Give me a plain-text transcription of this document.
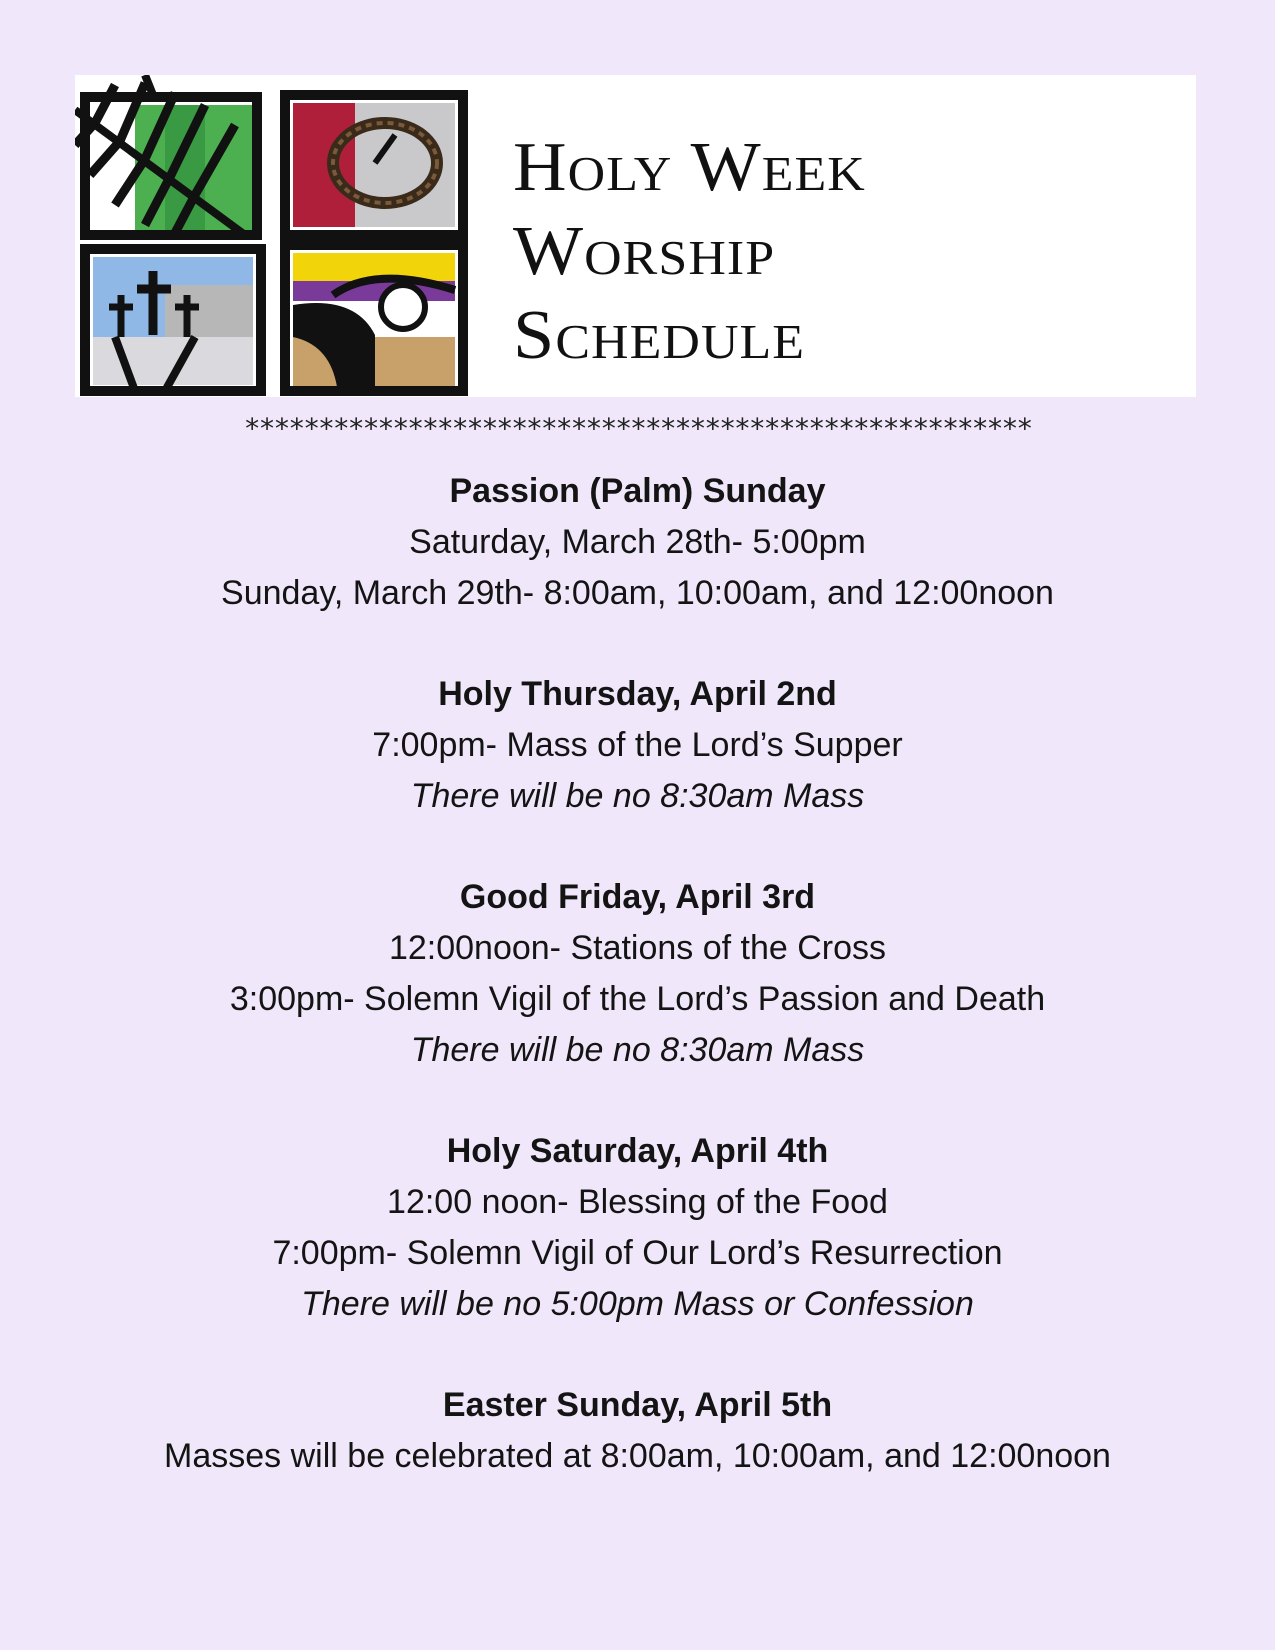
Holy Week
Worship
Schedule
*****************************************************
Passion (Palm) Sunday
Saturday, March 28th- 5:00pm
Sunday, March 29th- 8:00am, 10:00am, and 12:00noon
Holy Thursday, April 2nd
7:00pm- Mass of the Lord’s Supper
There will be no 8:30am Mass
Good Friday, April 3rd
12:00noon- Stations of the Cross
3:00pm- Solemn Vigil of the Lord’s Passion and Death
There will be no 8:30am Mass
Holy Saturday, April 4th
12:00 noon- Blessing of the Food
7:00pm- Solemn Vigil of Our Lord’s Resurrection
There will be no 5:00pm Mass or Confession
Easter Sunday, April 5th
Masses will be celebrated at 8:00am, 10:00am, and 12:00noon
